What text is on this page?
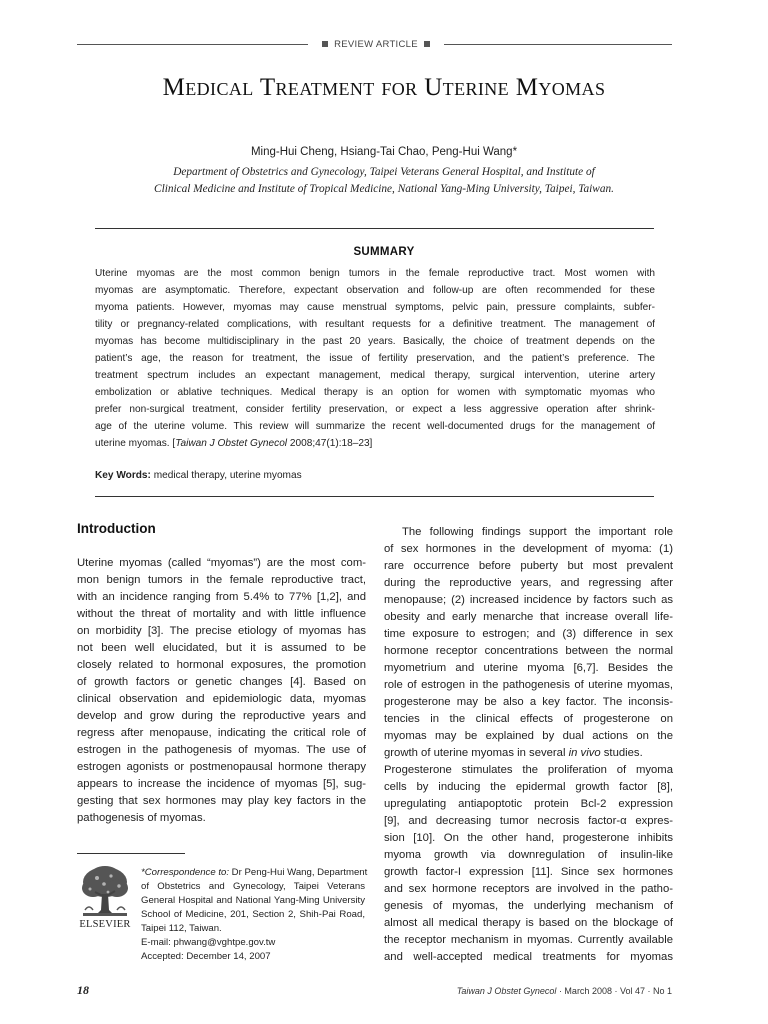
REVIEW ARTICLE
Medical Treatment for Uterine Myomas
Ming-Hui Cheng, Hsiang-Tai Chao, Peng-Hui Wang*
Department of Obstetrics and Gynecology, Taipei Veterans General Hospital, and Institute of
Clinical Medicine and Institute of Tropical Medicine, National Yang-Ming University, Taipei, Taiwan.
SUMMARY
Uterine myomas are the most common benign tumors in the female reproductive tract. Most women with
myomas are asymptomatic. Therefore, expectant observation and follow-up are often recommended for these
myoma patients. However, myomas may cause menstrual symptoms, pelvic pain, pressure complaints, subfer-
tility or pregnancy-related complications, with resultant requests for a definitive treatment. The management of
myomas has become multidisciplinary in the past 20 years. Basically, the choice of treatment depends on the
patient’s age, the reason for treatment, the issue of fertility preservation, and the patient’s preference. The
treatment spectrum includes an expectant management, medical therapy, surgical intervention, uterine artery
embolization or ablative techniques. Medical therapy is an option for women with symptomatic myomas who
prefer non-surgical treatment, consider fertility preservation, or expect a less aggressive operation after shrink-
age of the uterine volume. This review will summarize the recent well-documented drugs for the management of
uterine myomas. [Taiwan J Obstet Gynecol 2008;47(1):18–23]
Key Words: medical therapy, uterine myomas
Introduction
Uterine myomas (called “myomas”) are the most com-
mon benign tumors in the female reproductive tract,
with an incidence ranging from 5.4% to 77% [1,2], and
without the threat of mortality and with little influence
on morbidity [3]. The precise etiology of myomas has
not been well elucidated, but it is assumed to be
closely related to hormonal exposures, the promotion
of growth factors or genetic changes [4]. Based on
clinical observation and epidemiologic data, myomas
develop and grow during the reproductive years and
regress after menopause, indicating the critical role of
estrogen in the pathogenesis of myomas. The use of
estrogen agonists or postmenopausal hormone therapy
appears to increase the incidence of myomas [5], sug-
gesting that sex hormones may play key factors in the
pathogenesis of myomas.
The following findings support the important role
of sex hormones in the development of myoma: (1)
rare occurrence before puberty but most prevalent
during the reproductive years, and regressing after
menopause; (2) increased incidence by factors such as
obesity and early menarche that increase overall life-
time exposure to estrogen; and (3) difference in sex
hormone receptor concentrations between the normal
myometrium and uterine myoma [6,7]. Besides the
role of estrogen in the pathogenesis of uterine myomas,
progesterone may be also a key factor. The inconsis-
tencies in the clinical effects of progesterone on
myomas may be explained by dual actions on the
growth of uterine myomas in several in vivo studies.
Progesterone stimulates the proliferation of myoma
cells by inducing the epidermal growth factor [8],
upregulating antiapoptotic protein Bcl-2 expression
[9], and decreasing tumor necrosis factor-α expres-
sion [10]. On the other hand, progesterone inhibits
myoma growth via downregulation of insulin-like
growth factor-I expression [11]. Since sex hormones
and sex hormone receptors are involved in the patho-
genesis of myomas, the underlying mechanism of
almost all medical therapy is based on the blockage of
the receptor mechanism in myomas. Currently available
and well-accepted medical treatments for myomas
ELSEVIER
*Correspondence to: Dr Peng-Hui Wang, Department
of Obstetrics and Gynecology, Taipei Veterans
General Hospital and National Yang-Ming University
School of Medicine, 201, Section 2, Shih-Pai Road,
Taipei 112, Taiwan.
E-mail: phwang@vghtpe.gov.tw
Accepted: December 14, 2007
18	Taiwan J Obstet Gynecol · March 2008 · Vol 47 · No 1
